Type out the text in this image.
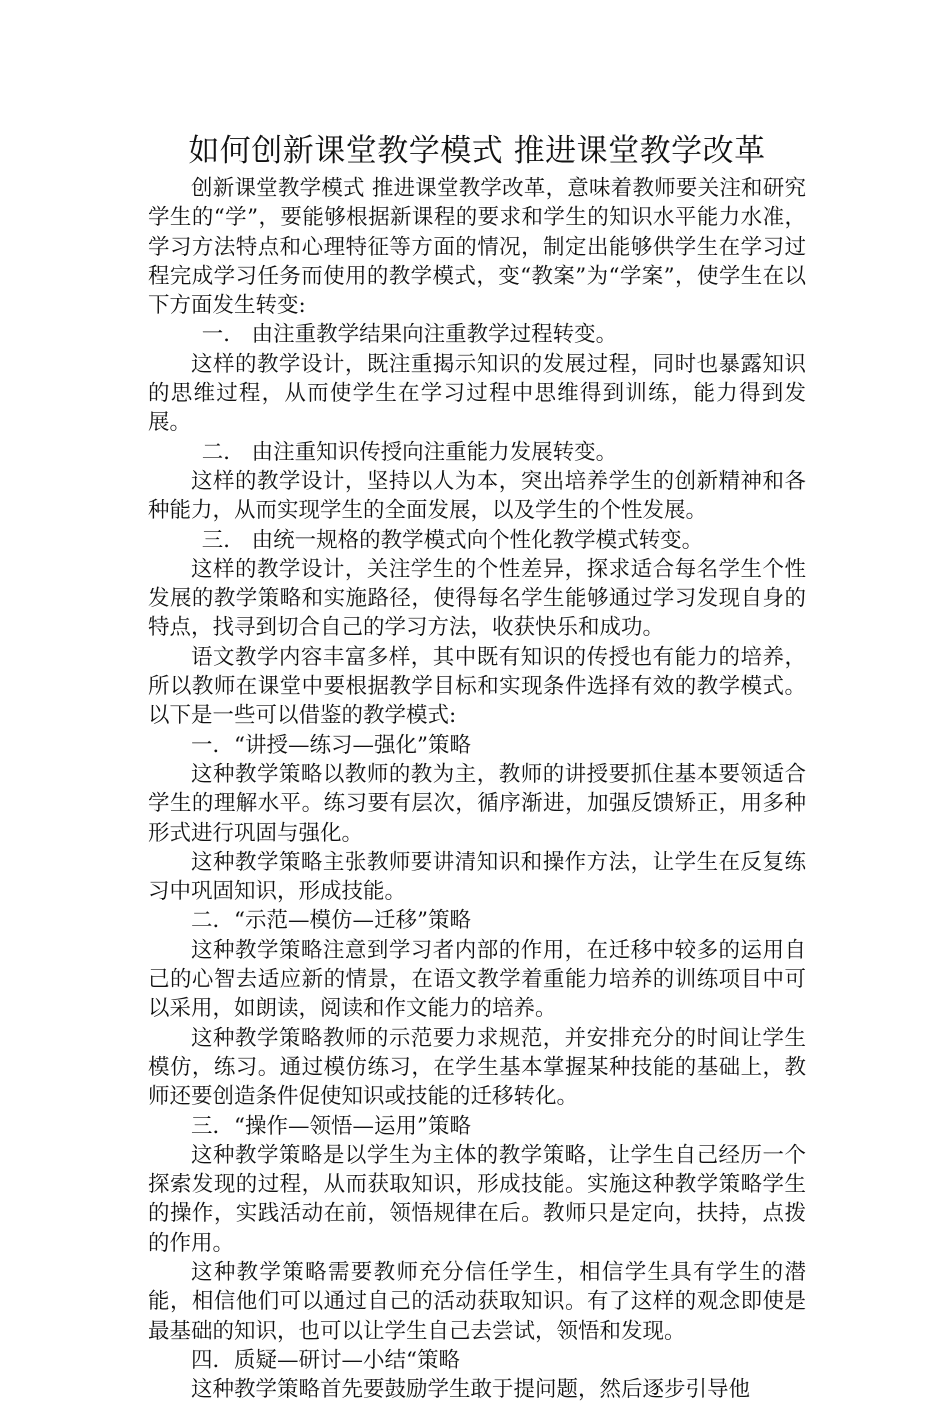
如何创新课堂教学模式 推进课堂教学改革

创新课堂教学模式 推进课堂教学改革，意味着教师要关注和研究学生的“学”，要能够根据新课程的要求和学生的知识水平能力水准，学习方法特点和心理特征等方面的情况，制定出能够供学生在学习过程完成学习任务而使用的教学模式，变“教案”为“学案”，使学生在以下方面发生转变:

一． 由注重教学结果向注重教学过程转变。

这样的教学设计，既注重揭示知识的发展过程，同时也暴露知识的思维过程，从而使学生在学习过程中思维得到训练，能力得到发展。

二． 由注重知识传授向注重能力发展转变。

这样的教学设计，坚持以人为本，突出培养学生的创新精神和各种能力，从而实现学生的全面发展，以及学生的个性发展。

三． 由统一规格的教学模式向个性化教学模式转变。

这样的教学设计，关注学生的个性差异，探求适合每名学生个性发展的教学策略和实施路径，使得每名学生能够通过学习发现自身的特点，找寻到切合自己的学习方法，收获快乐和成功。

语文教学内容丰富多样，其中既有知识的传授也有能力的培养，所以教师在课堂中要根据教学目标和实现条件选择有效的教学模式。以下是一些可以借鉴的教学模式:

一．“讲授—练习—强化”策略

这种教学策略以教师的教为主，教师的讲授要抓住基本要领适合学生的理解水平。练习要有层次，循序渐进，加强反馈矫正，用多种形式进行巩固与强化。

这种教学策略主张教师要讲清知识和操作方法，让学生在反复练习中巩固知识，形成技能。

二．“示范—模仿—迁移”策略

这种教学策略注意到学习者内部的作用，在迁移中较多的运用自己的心智去适应新的情景，在语文教学着重能力培养的训练项目中可以采用，如朗读，阅读和作文能力的培养。

这种教学策略教师的示范要力求规范，并安排充分的时间让学生模仿，练习。通过模仿练习，在学生基本掌握某种技能的基础上，教师还要创造条件促使知识或技能的迁移转化。

三．“操作—领悟—运用”策略

这种教学策略是以学生为主体的教学策略，让学生自己经历一个探索发现的过程，从而获取知识，形成技能。实施这种教学策略学生的操作，实践活动在前，领悟规律在后。教师只是定向，扶持，点拨的作用。

这种教学策略需要教师充分信任学生，相信学生具有学生的潜能，相信他们可以通过自己的活动获取知识。有了这样的观念即使是最基础的知识，也可以让学生自己去尝试，领悟和发现。

四．质疑—研讨—小结“策略

这种教学策略首先要鼓励学生敢于提问题，然后逐步引导他
